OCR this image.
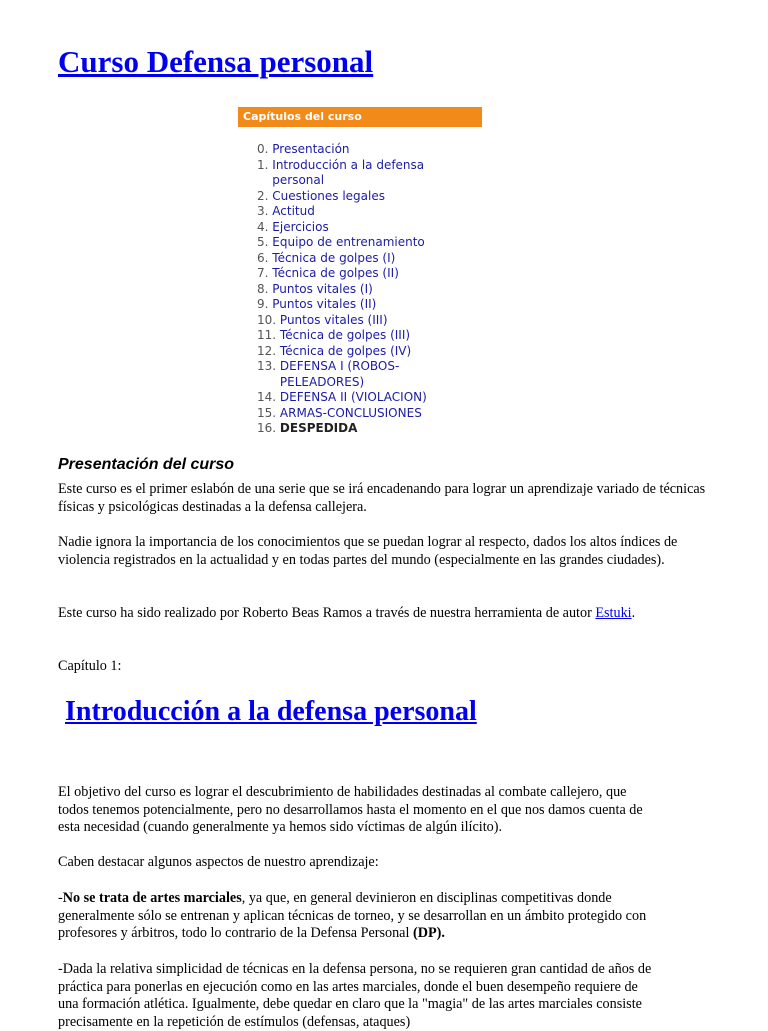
Curso Defensa personal
Capítulos del curso
0.
Presentación
1.
Introducción a la defensa personal
2.
Cuestiones legales
3.
Actitud
4.
Ejercicios
5.
Equipo de entrenamiento
6.
Técnica de golpes (I)
7.
Técnica de golpes (II)
8.
Puntos vitales (I)
9.
Puntos vitales (II)
10.
Puntos vitales (III)
11.
Técnica de golpes (III)
12.
Técnica de golpes (IV)
13.
DEFENSA I (ROBOS-PELEADORES)
14.
DEFENSA II (VIOLACION)
15.
ARMAS-CONCLUSIONES
16.
DESPEDIDA
Presentación del curso

Este curso es el primer eslabón de una serie que se irá encadenando para lograr un aprendizaje variado de técnicas físicas y psicológicas destinadas a la defensa callejera.

Nadie ignora la importancia de los conocimientos que se puedan lograr al respecto, dados los altos índices de violencia registrados en la actualidad y en todas partes del mundo (especialmente en las grandes ciudades).

Este curso ha sido realizado por Roberto Beas Ramos a través de nuestra herramienta de autor Estuki.

Capítulo 1:

Introducción a la defensa personal

El objetivo del curso es lograr el descubrimiento de habilidades destinadas al combate callejero, que todos tenemos potencialmente, pero no desarrollamos hasta el momento en el que nos damos cuenta de esta necesidad (cuando generalmente ya hemos sido víctimas de algún ilícito).

Caben destacar algunos aspectos de nuestro aprendizaje:

-No se trata de artes marciales, ya que, en general devinieron en disciplinas competitivas donde generalmente sólo se entrenan y aplican técnicas de torneo, y se desarrollan en un ámbito protegido con profesores y árbitros, todo lo contrario de la Defensa Personal (DP).

-Dada la relativa simplicidad de técnicas en la defensa persona, no se requieren gran cantidad de años de práctica para ponerlas en ejecución como en las artes marciales, donde el buen desempeño requiere de una formación atlética. Igualmente, debe quedar en claro que la "magia" de las artes marciales consiste precisamente en la repetición de estímulos (defensas, ataques)
